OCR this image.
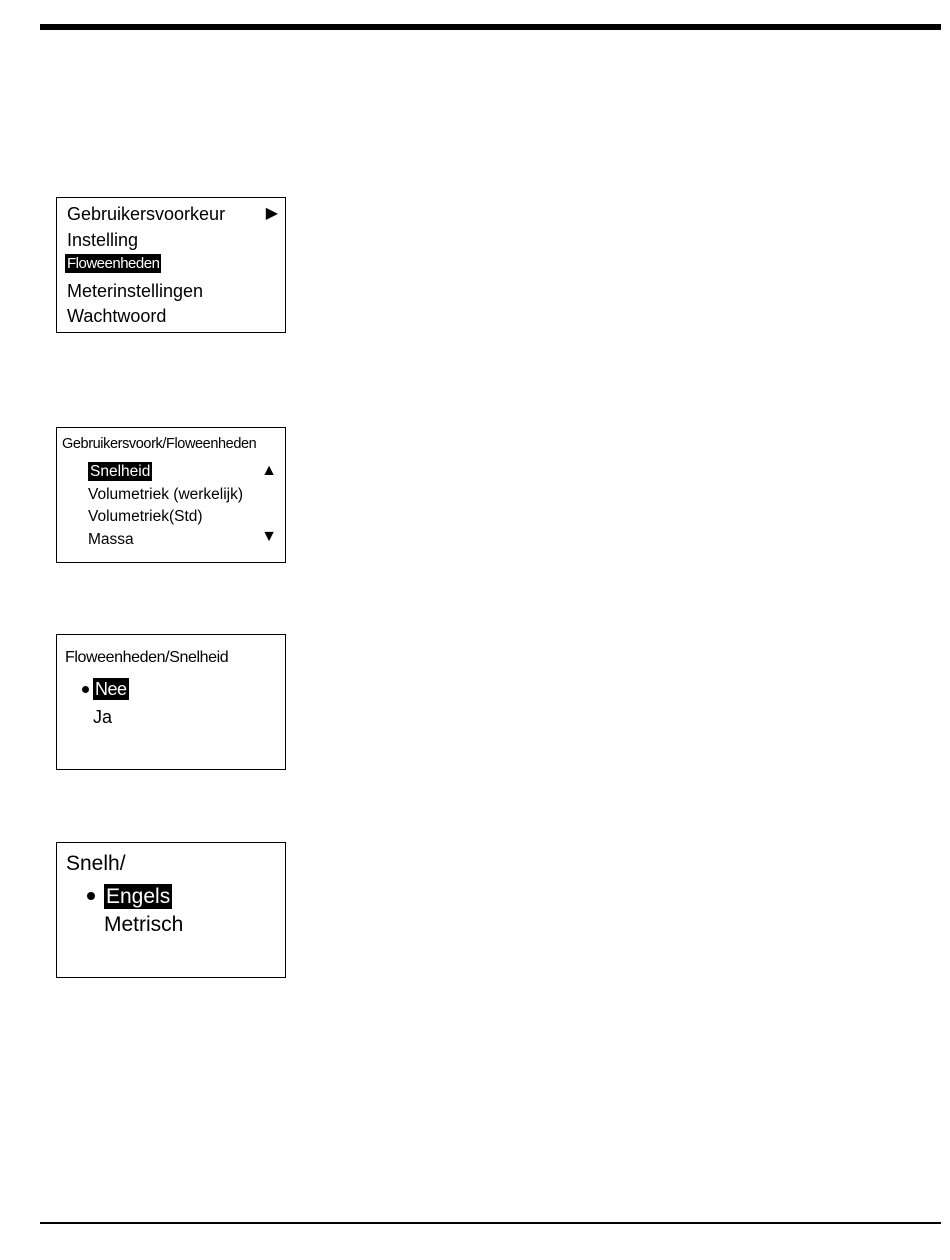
Gebruikersvoorkeur
Instelling
Floweenheden
Meterinstellingen
Wachtwoord
▶
Gebruikersvoork/Floweenheden
Snelheid
Volumetriek (werkelijk)
Volumetriek(Std)
Massa
▲
▼
Floweenheden/Snelheid
Nee
Ja
Snelh/
Engels
Metrisch
